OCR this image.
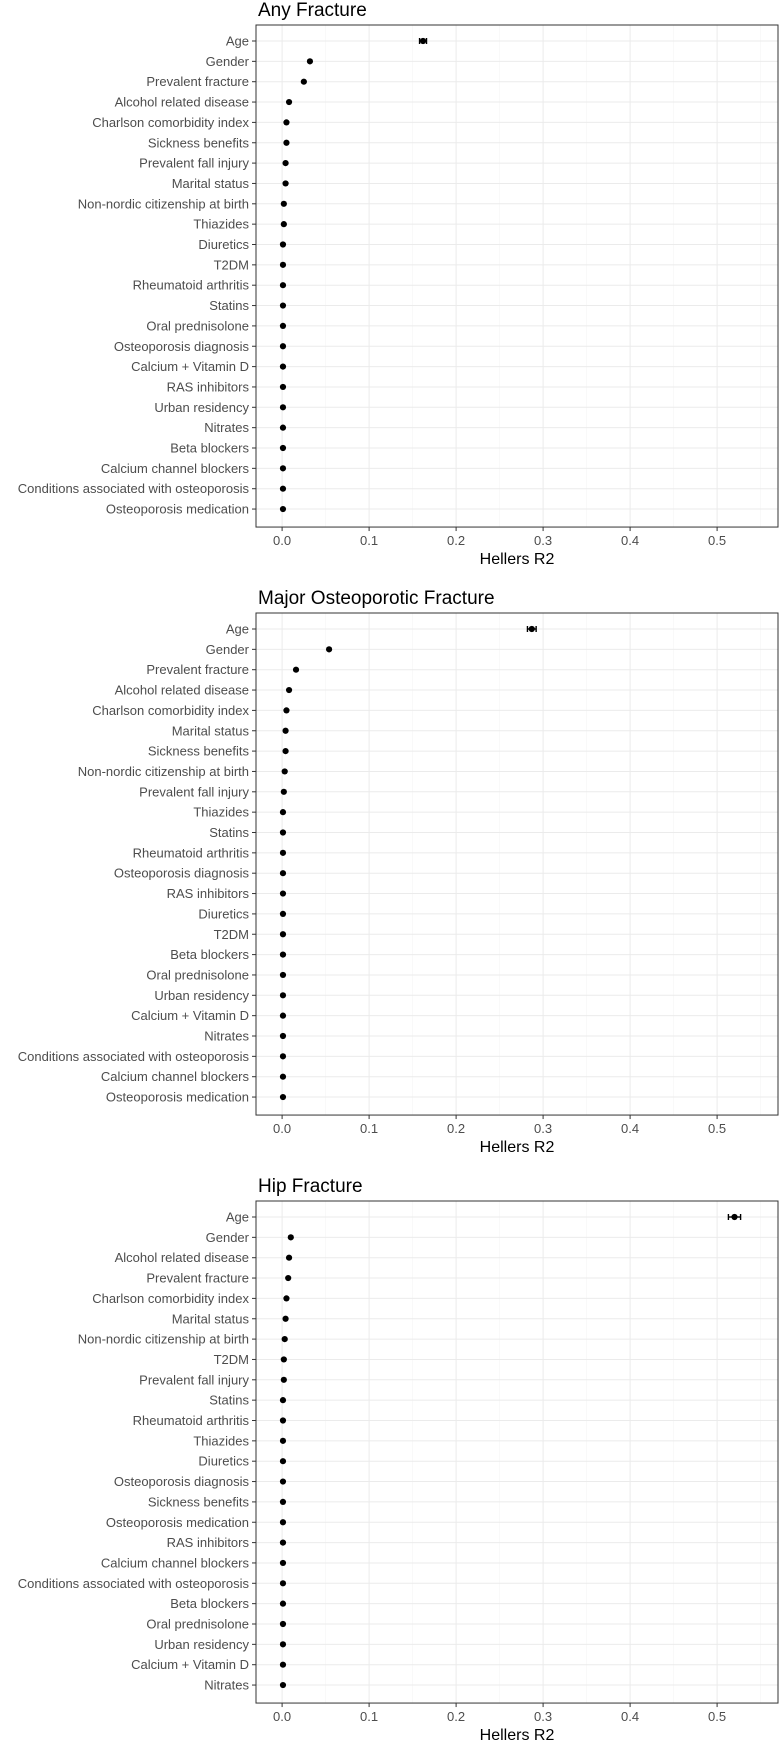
Any Fracture
Age
Gender
Prevalent fracture
Alcohol related disease
Charlson comorbidity index
Sickness benefits
Prevalent fall injury
Marital status
Non-nordic citizenship at birth
Thiazides
Diuretics
T2DM
Rheumatoid arthritis
Statins
Oral prednisolone
Osteoporosis diagnosis
Calcium + Vitamin D
RAS inhibitors
Urban residency
Nitrates
Beta blockers
Calcium channel blockers
Conditions associated with osteoporosis
Osteoporosis medication
0.0	0.1	0.2	0.3	0.4	0.5
Hellers R2
Major Osteoporotic Fracture
Age
Gender
Prevalent fracture
Alcohol related disease
Charlson comorbidity index
Marital status
Sickness benefits
Non-nordic citizenship at birth
Prevalent fall injury
Thiazides
Statins
Rheumatoid arthritis
Osteoporosis diagnosis
RAS inhibitors
Diuretics
T2DM
Beta blockers
Oral prednisolone
Urban residency
Calcium + Vitamin D
Nitrates
Conditions associated with osteoporosis
Calcium channel blockers
Osteoporosis medication
0.0	0.1	0.2	0.3	0.4	0.5
Hellers R2
Hip Fracture
Age
Gender
Alcohol related disease
Prevalent fracture
Charlson comorbidity index
Marital status
Non-nordic citizenship at birth
T2DM
Prevalent fall injury
Statins
Rheumatoid arthritis
Thiazides
Diuretics
Osteoporosis diagnosis
Sickness benefits
Osteoporosis medication
RAS inhibitors
Calcium channel blockers
Conditions associated with osteoporosis
Beta blockers
Oral prednisolone
Urban residency
Calcium + Vitamin D
Nitrates
0.0	0.1	0.2	0.3	0.4	0.5
Hellers R2
